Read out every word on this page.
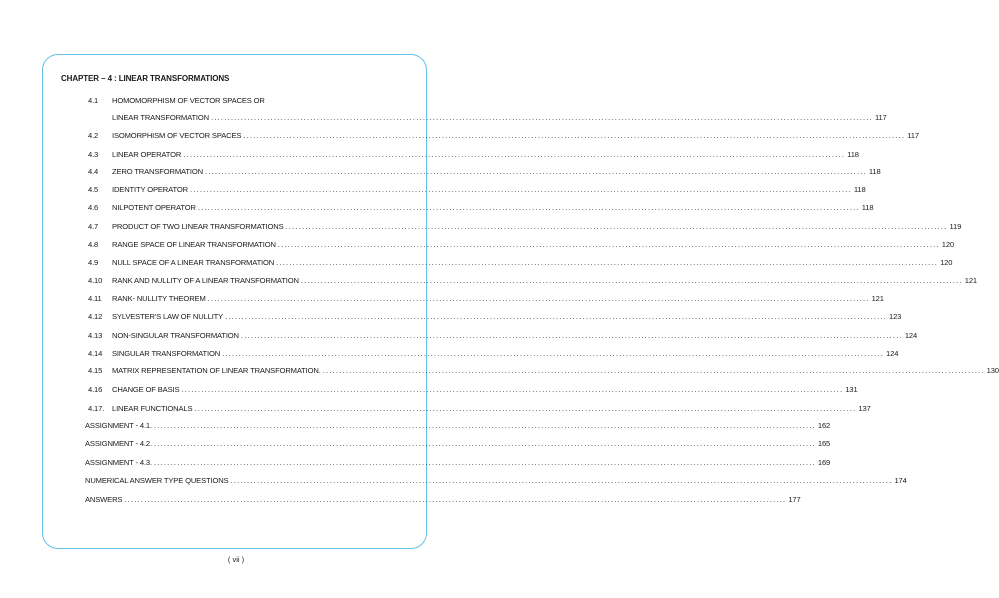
CHAPTER – 4 : LINEAR TRANSFORMATIONS
4.1	HOMOMORPHISM OF VECTOR SPACES OR
LINEAR TRANSFORMATION ........................................................................................................................................................................................................ 117
4.2	ISOMORPHISM OF VECTOR SPACES ........................................................................................................................................................................................................ 117
4.3	LINEAR OPERATOR ........................................................................................................................................................................................................ 118
4.4	ZERO TRANSFORMATION ........................................................................................................................................................................................................ 118
4.5	IDENTITY OPERATOR ........................................................................................................................................................................................................ 118
4.6	NILPOTENT OPERATOR ........................................................................................................................................................................................................ 118
4.7	PRODUCT OF TWO LINEAR TRANSFORMATIONS ........................................................................................................................................................................................................ 119
4.8	RANGE SPACE OF LINEAR TRANSFORMATION ........................................................................................................................................................................................................ 120
4.9	NULL SPACE OF A LINEAR TRANSFORMATION ........................................................................................................................................................................................................ 120
4.10	RANK AND NULLITY OF A LINEAR TRANSFORMATION ........................................................................................................................................................................................................ 121
4.11	RANK- NULLITY THEOREM ........................................................................................................................................................................................................ 121
4.12	SYLVESTER'S LAW OF NULLITY ........................................................................................................................................................................................................ 123
4.13	NON-SINGULAR TRANSFORMATION ........................................................................................................................................................................................................ 124
4.14	SINGULAR TRANSFORMATION ........................................................................................................................................................................................................ 124
4.15	MATRIX REPRESENTATION OF LINEAR TRANSFORMATION. ........................................................................................................................................................................................................ 130
4.16	CHANGE OF BASIS ........................................................................................................................................................................................................ 131
4.17.	LINEAR FUNCTIONALS ........................................................................................................................................................................................................ 137
ASSIGNMENT - 4.1. ........................................................................................................................................................................................................ 162
ASSIGNMENT - 4.2. ........................................................................................................................................................................................................ 165
ASSIGNMENT - 4.3. ........................................................................................................................................................................................................ 169
NUMERICAL ANSWER TYPE QUESTIONS ........................................................................................................................................................................................................ 174
ANSWERS ........................................................................................................................................................................................................ 177
( vii )
